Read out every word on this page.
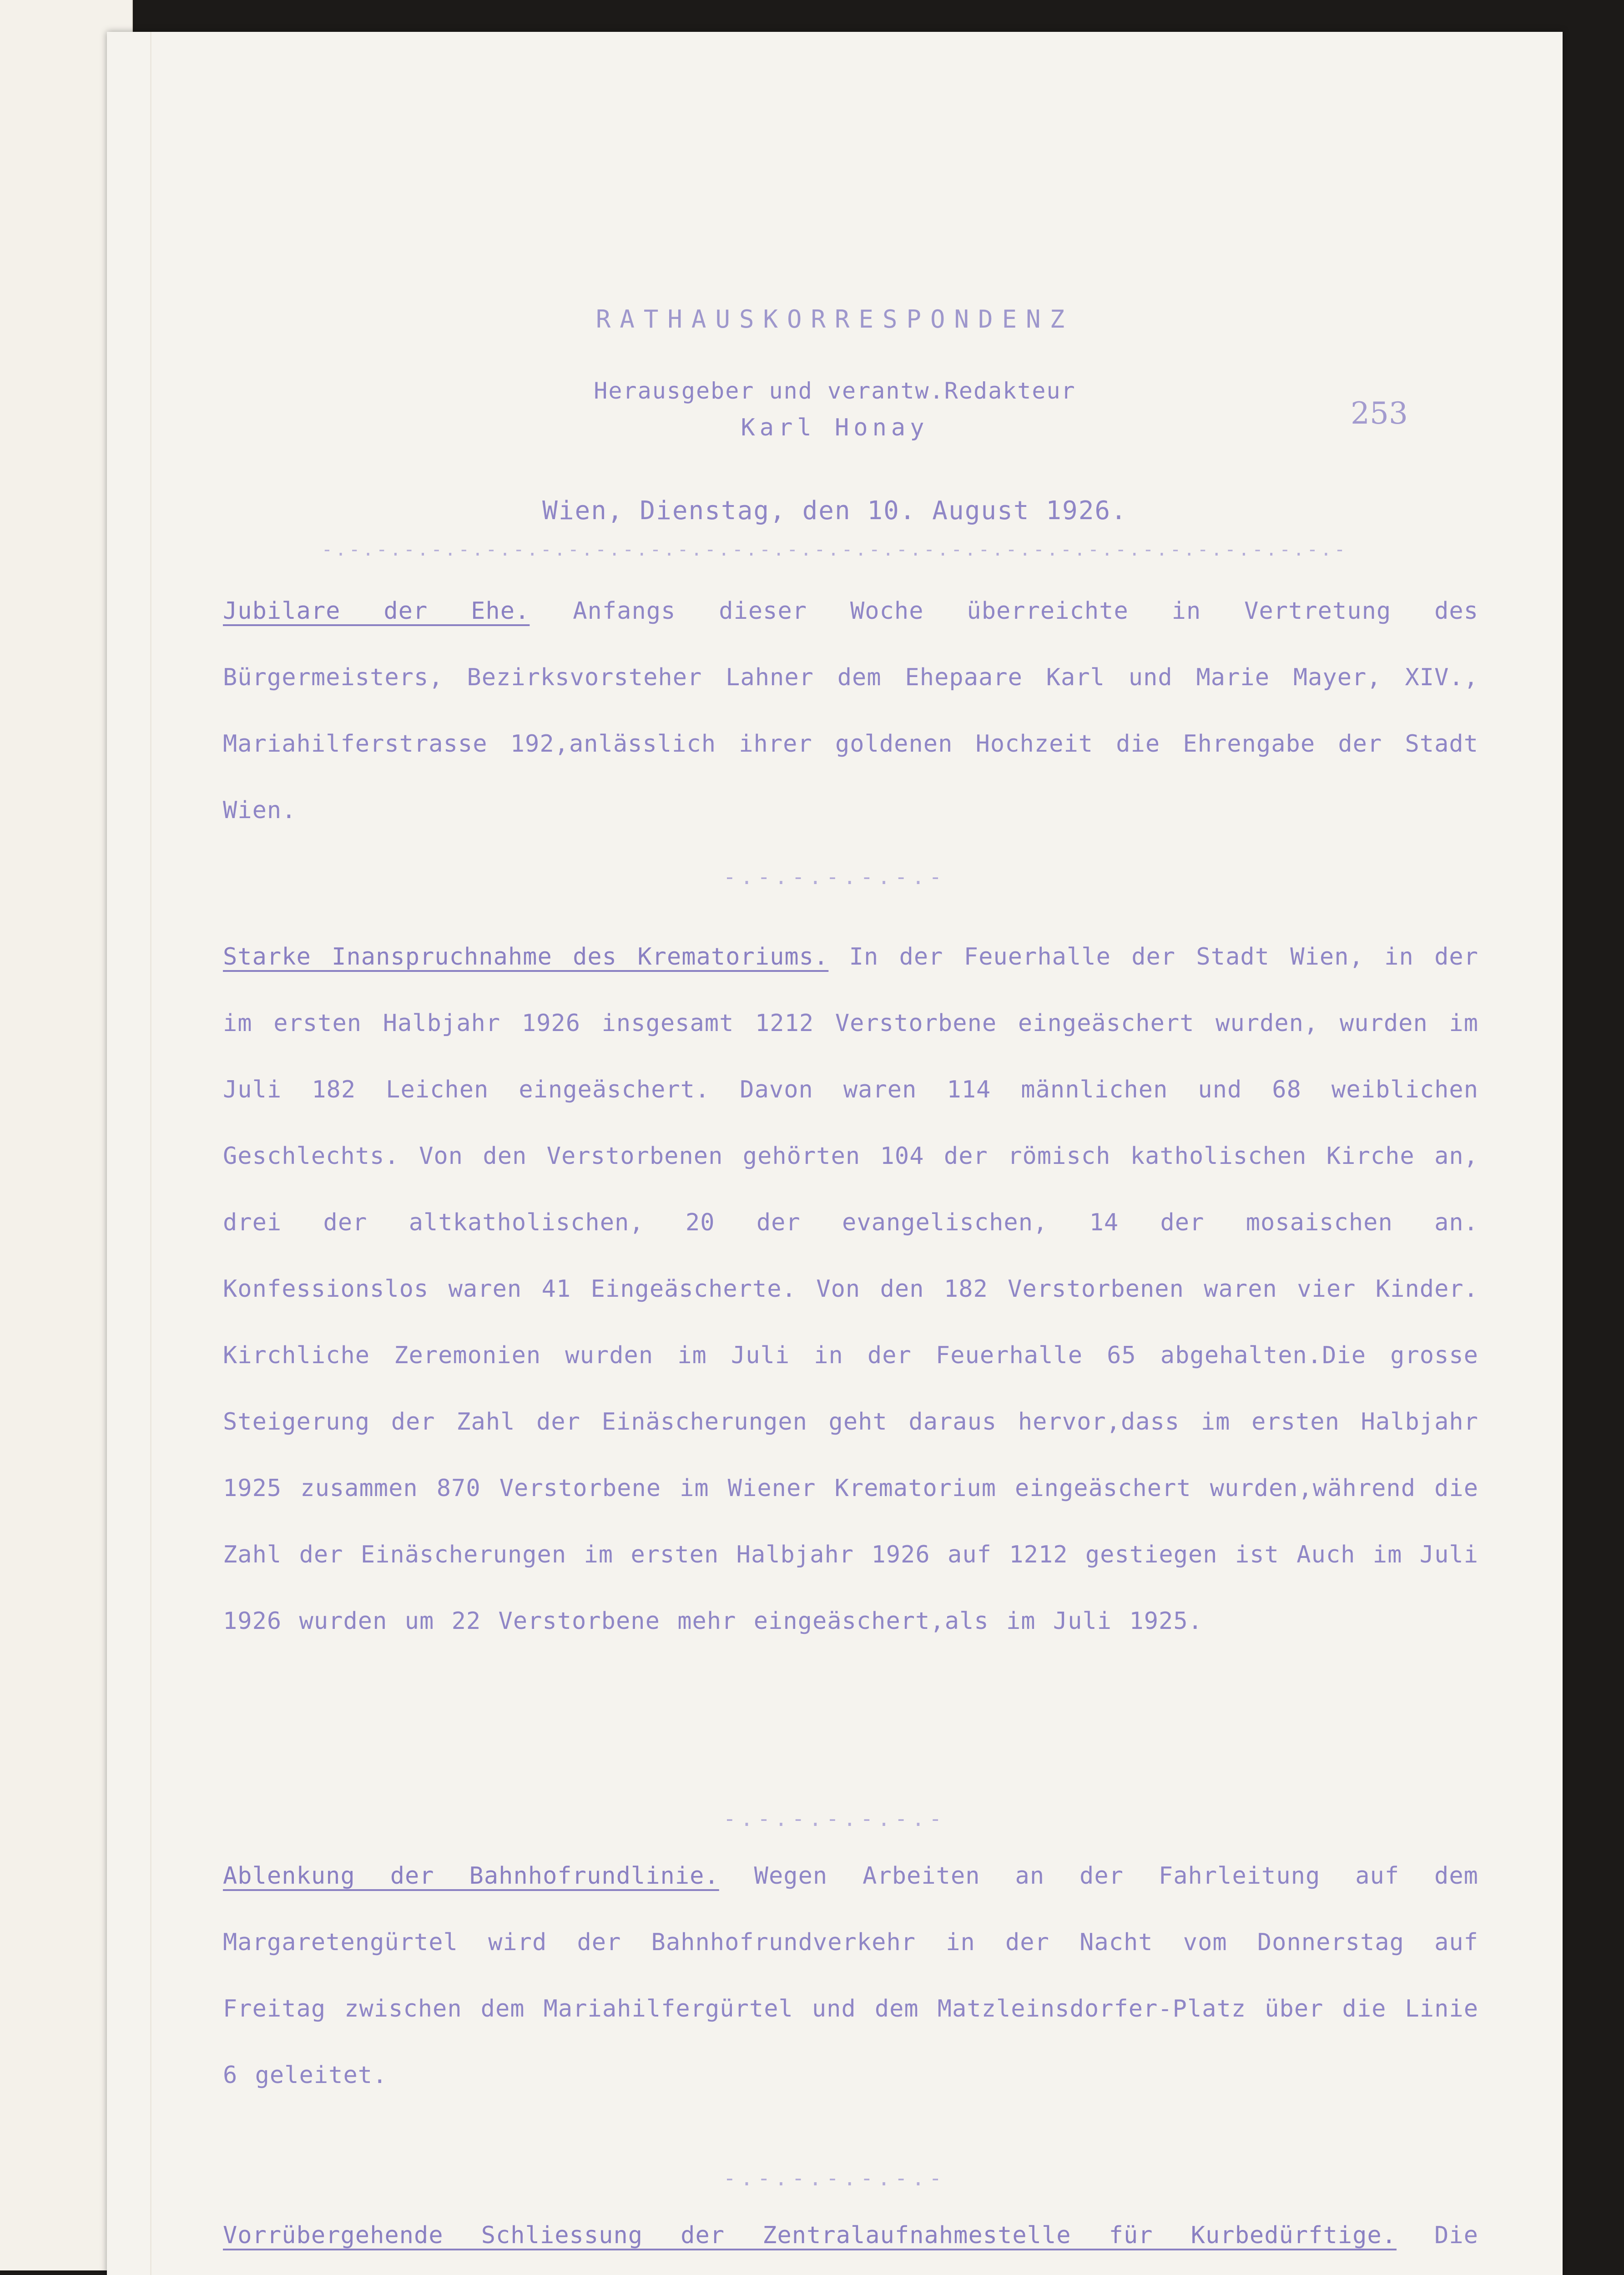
RATHAUSKORRESPONDENZ
Herausgeber und verantw.Redakteur
Karl Honay	253
Wien, Dienstag, den 10. August 1926.
-.-.-.-.-.-.-.-.-.-.-.-.-.-.-.-.-.-.-.-.-.-.-.-.-.-.-.-.-.-.-.-.-.-.-.-.-.-
Jubilare der Ehe. Anfangs dieser Woche überreichte in Vertretung des Bürgermeisters, Bezirksvorsteher Lahner dem Ehepaare Karl und Marie Mayer, XIV., Mariahilferstrasse 192,anlässlich ihrer goldenen Hochzeit die Ehrengabe der Stadt Wien.
-.-.-.-.-.-.-
Starke Inanspruchnahme des Krematoriums. In der Feuerhalle der Stadt Wien, in der im ersten Halbjahr 1926 insgesamt 1212 Verstorbene eingeäschert wurden, wurden im Juli 182 Leichen eingeäschert. Davon waren 114 männlichen und 68 weiblichen Geschlechts. Von den Verstorbenen gehörten 104 der römisch katholischen Kirche an, drei der altkatholischen, 20 der evangelischen, 14 der mosaischen an. Konfessionslos waren 41 Eingeäscherte. Von den 182 Verstorbenen waren vier Kinder. Kirchliche Zeremonien wurden im Juli in der Feuerhalle 65 abgehalten.Die grosse Steigerung der Zahl der Einäscherungen geht daraus hervor,dass im ersten Halbjahr 1925 zusammen 870 Verstorbene im Wiener Krematorium eingeäschert wurden,während die Zahl der Einäscherungen im ersten Halbjahr 1926 auf 1212 gestiegen ist Auch im Juli 1926 wurden um 22 Verstorbene mehr eingeäschert,als im Juli 1925.
-.-.-.-.-.-.-
Ablenkung der Bahnhofrundlinie. Wegen Arbeiten an der Fahrleitung auf dem Margaretengürtel wird der Bahnhofrundverkehr in der Nacht vom Donnerstag auf Freitag zwischen dem Mariahilfergürtel und dem Matzleinsdorfer-Platz über die Linie 6 geleitet.
-.-.-.-.-.-.-
Vorrübergehende Schliessung der Zentralaufnahmestelle für Kurbedürftige. Die
